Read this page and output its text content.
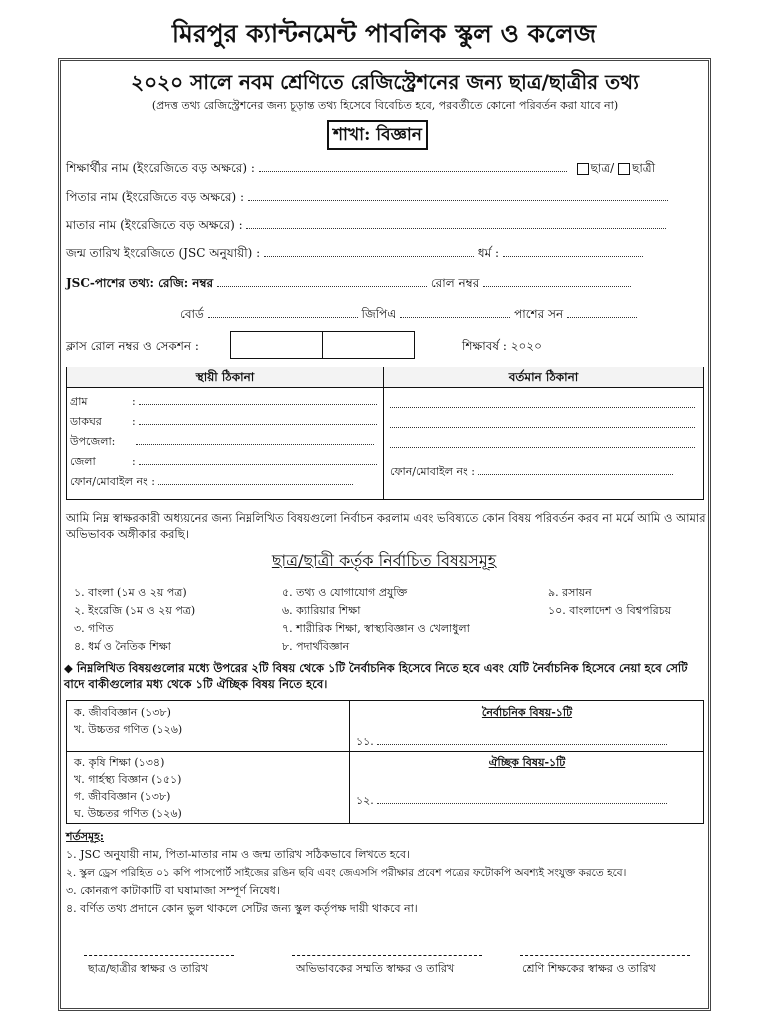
মিরপুর ক্যান্টনমেন্ট পাবলিক স্কুল ও কলেজ
২০২০ সালে নবম শ্রেণিতে রেজিস্ট্রেশনের জন্য ছাত্র/ছাত্রীর তথ্য
(প্রদত্ত তথ্য রেজিস্ট্রেশনের জন্য চূড়ান্ত তথ্য হিসেবে বিবেচিত হবে, পরবর্তীতে কোনো পরিবর্তন করা যাবে না)
শাখা: বিজ্ঞান
শিক্ষার্থীর নাম (ইংরেজিতে বড় অক্ষরে) :	ছাত্র/ ছাত্রী
পিতার নাম (ইংরেজিতে বড় অক্ষরে) :
মাতার নাম (ইংরেজিতে বড় অক্ষরে) :
জন্ম তারিখ ইংরেজিতে (JSC অনুযায়ী) :	ধর্ম :
JSC-পাশের তথ্য: রেজি: নম্বর	রোল নম্বর
বোর্ড	জিপিএ	পাশের সন
ক্লাস রোল নম্বর ও সেকশন :	শিক্ষাবর্ষ : ২০২০
স্থায়ী ঠিকানা	বর্তমান ঠিকানা
গ্রাম	:
ডাকঘর	:
উপজেলা:
জেলা	:
ফোন/মোবাইল নং :
ফোন/মোবাইল নং :
আমি নিম্ন স্বাক্ষরকারী অধ্যয়নের জন্য নিম্নলিখিত বিষয়গুলো নির্বাচন করলাম এবং ভবিষ্যতে কোন বিষয় পরিবর্তন করব না মর্মে আমি ও আমার অভিভাবক অঙ্গীকার করছি।
ছাত্র/ছাত্রী কর্তৃক নির্বাচিত বিষয়সমূহ
১. বাংলা (১ম ও ২য় পত্র)
২. ইংরেজি (১ম ও ২য় পত্র)
৩. গণিত
৪. ধর্ম ও নৈতিক শিক্ষা
৫. তথ্য ও যোগাযোগ প্রযুক্তি
৬. ক্যারিয়ার শিক্ষা
৭. শারীরিক শিক্ষা, স্বাস্থ্যবিজ্ঞান ও খেলাধুলা
৮. পদার্থবিজ্ঞান
৯. রসায়ন
১০. বাংলাদেশ ও বিশ্বপরিচয়
◆ নিম্নলিখিত বিষয়গুলোর মধ্যে উপরের ২টি বিষয় থেকে ১টি নৈর্বাচনিক হিসেবে নিতে হবে এবং যেটি নৈর্বাচনিক হিসেবে নেয়া হবে সেটি বাদে বাকীগুলোর মধ্য থেকে ১টি ঐচ্ছিক বিষয় নিতে হবে।
ক. জীববিজ্ঞান (১৩৮)
খ. উচ্চতর গণিত (১২৬)
নৈর্বাচনিক বিষয়-১টি
১১.
ক. কৃষি শিক্ষা (১৩৪)
খ. গার্হস্থ্য বিজ্ঞান (১৫১)
গ. জীববিজ্ঞান (১৩৮)
ঘ. উচ্চতর গণিত (১২৬)
ঐচ্ছিক বিষয়-১টি
১২.
শর্তসমূহ:
১. JSC অনুযায়ী নাম, পিতা-মাতার নাম ও জন্ম তারিখ সঠিকভাবে লিখতে হবে।
২. স্কুল ড্রেস পরিহিত ০১ কপি পাসপোর্ট সাইজের রঙিন ছবি এবং জেএসসি পরীক্ষার প্রবেশ পত্রের ফটোকপি অবশ্যই সংযুক্ত করতে হবে।
৩. কোনরূপ কাটাকাটি বা ঘষামাজা সম্পূর্ণ নিষেধ।
৪. বর্ণিত তথ্য প্রদানে কোন ভুল থাকলে সেটির জন্য স্কুল কর্তৃপক্ষ দায়ী থাকবে না।
ছাত্র/ছাত্রীর স্বাক্ষর ও তারিখ	অভিভাবকের সম্মতি স্বাক্ষর ও তারিখ	শ্রেণি শিক্ষকের স্বাক্ষর ও তারিখ
